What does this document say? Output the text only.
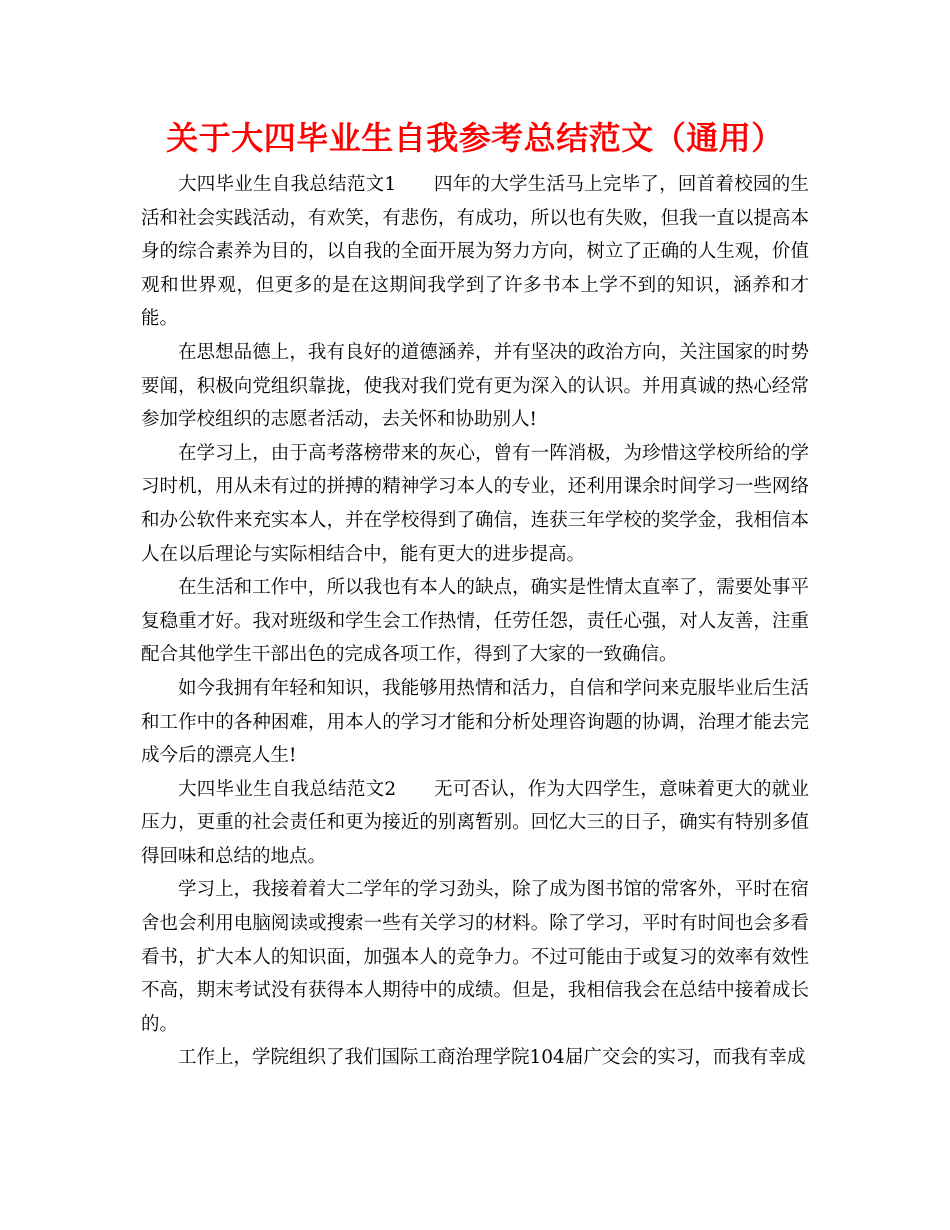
关于大四毕业生自我参考总结范文（通用）

大四毕业生自我总结范文1　　四年的大学生活马上完毕了，回首着校园的生活和社会实践活动，有欢笑，有悲伤，有成功，所以也有失败，但我一直以提高本身的综合素养为目的，以自我的全面开展为努力方向，树立了正确的人生观，价值观和世界观，但更多的是在这期间我学到了许多书本上学不到的知识，涵养和才能。

在思想品德上，我有良好的道德涵养，并有坚决的政治方向，关注国家的时势要闻，积极向党组织靠拢，使我对我们党有更为深入的认识。并用真诚的热心经常参加学校组织的志愿者活动，去关怀和协助别人!

在学习上，由于高考落榜带来的灰心，曾有一阵消极，为珍惜这学校所给的学习时机，用从未有过的拼搏的精神学习本人的专业，还利用课余时间学习一些网络和办公软件来充实本人，并在学校得到了确信，连获三年学校的奖学金，我相信本人在以后理论与实际相结合中，能有更大的进步提高。

在生活和工作中，所以我也有本人的缺点，确实是性情太直率了，需要处事平复稳重才好。我对班级和学生会工作热情，任劳任怨，责任心强，对人友善，注重配合其他学生干部出色的完成各项工作，得到了大家的一致确信。

如今我拥有年轻和知识，我能够用热情和活力，自信和学问来克服毕业后生活和工作中的各种困难，用本人的学习才能和分析处理咨询题的协调，治理才能去完成今后的漂亮人生!

大四毕业生自我总结范文2　　无可否认，作为大四学生，意味着更大的就业压力，更重的社会责任和更为接近的别离暂别。回忆大三的日子，确实有特别多值得回味和总结的地点。

学习上，我接着着大二学年的学习劲头，除了成为图书馆的常客外，平时在宿舍也会利用电脑阅读或搜索一些有关学习的材料。除了学习，平时有时间也会多看看书，扩大本人的知识面，加强本人的竞争力。不过可能由于或复习的效率有效性不高，期末考试没有获得本人期待中的成绩。但是，我相信我会在总结中接着成长的。

工作上，学院组织了我们国际工商治理学院104届广交会的实习，而我有幸成
